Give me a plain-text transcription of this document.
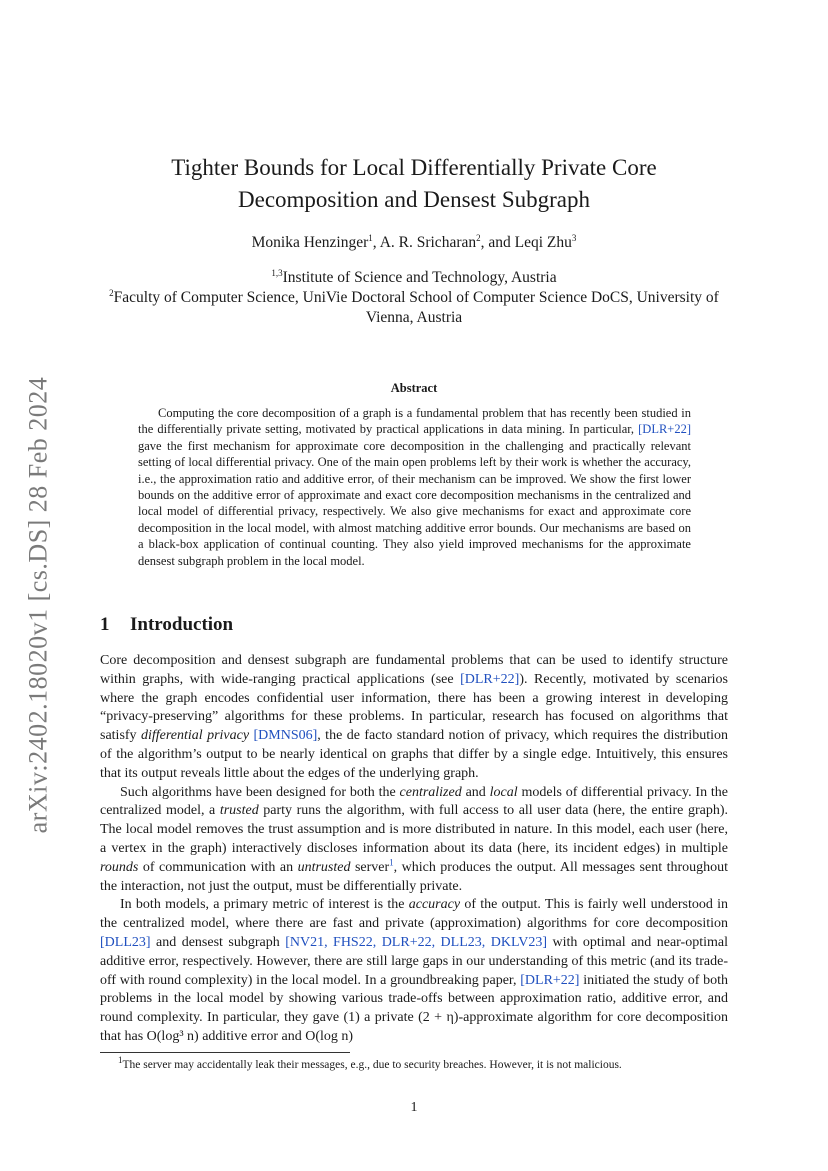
arXiv:2402.18020v1 [cs.DS] 28 Feb 2024
Tighter Bounds for Local Differentially Private Core Decomposition and Densest Subgraph
Monika Henzinger$^1$, A. R. Sricharan$^2$, and Leqi Zhu$^3$
$^{1,3}$Institute of Science and Technology, Austria
$^2$Faculty of Computer Science, UniVie Doctoral School of Computer Science DoCS, University of Vienna, Austria
Abstract

Computing the core decomposition of a graph is a fundamental problem that has recently been studied in the differentially private setting, motivated by practical applications in data mining. In particular, [DLR+22] gave the first mechanism for approximate core decomposition in the challenging and practically relevant setting of local differential privacy. One of the main open problems left by their work is whether the accuracy, i.e., the approximation ratio and additive error, of their mechanism can be improved. We show the first lower bounds on the additive error of approximate and exact core decomposition mechanisms in the centralized and local model of differential privacy, respectively. We also give mechanisms for exact and approximate core decomposition in the local model, with almost matching additive error bounds. Our mechanisms are based on a black-box application of continual counting. They also yield improved mechanisms for the approximate densest subgraph problem in the local model.

1 Introduction

Core decomposition and densest subgraph are fundamental problems that can be used to identify structure within graphs, with wide-ranging practical applications (see [DLR+22]). Recently, motivated by scenarios where the graph encodes confidential user information, there has been a growing interest in developing “privacy-preserving” algorithms for these problems. In particular, research has focused on algorithms that satisfy differential privacy [DMNS06], the de facto standard notion of privacy, which requires the distribution of the algorithm’s output to be nearly identical on graphs that differ by a single edge. Intuitively, this ensures that its output reveals little about the edges of the underlying graph.

Such algorithms have been designed for both the centralized and local models of differential privacy. In the centralized model, a trusted party runs the algorithm, with full access to all user data (here, the entire graph). The local model removes the trust assumption and is more distributed in nature. In this model, each user (here, a vertex in the graph) interactively discloses information about its data (here, its incident edges) in multiple rounds of communication with an untrusted server$^1$, which produces the output. All messages sent throughout the interaction, not just the output, must be differentially private.

In both models, a primary metric of interest is the accuracy of the output. This is fairly well understood in the centralized model, where there are fast and private (approximation) algorithms for core decomposition [DLL23] and densest subgraph [NV21, FHS22, DLR+22, DLL23, DKLV23] with optimal and near-optimal additive error, respectively. However, there are still large gaps in our understanding of this metric (and its trade-off with round complexity) in the local model. In a groundbreaking paper, [DLR+22] initiated the study of both problems in the local model by showing various trade-offs between approximation ratio, additive error, and round complexity. In particular, they gave (1) a private (2 + η)-approximate algorithm for core decomposition that has O(log³ n) additive error and O(log n)

$^1$The server may accidentally leak their messages, e.g., due to security breaches. However, it is not malicious.
1
